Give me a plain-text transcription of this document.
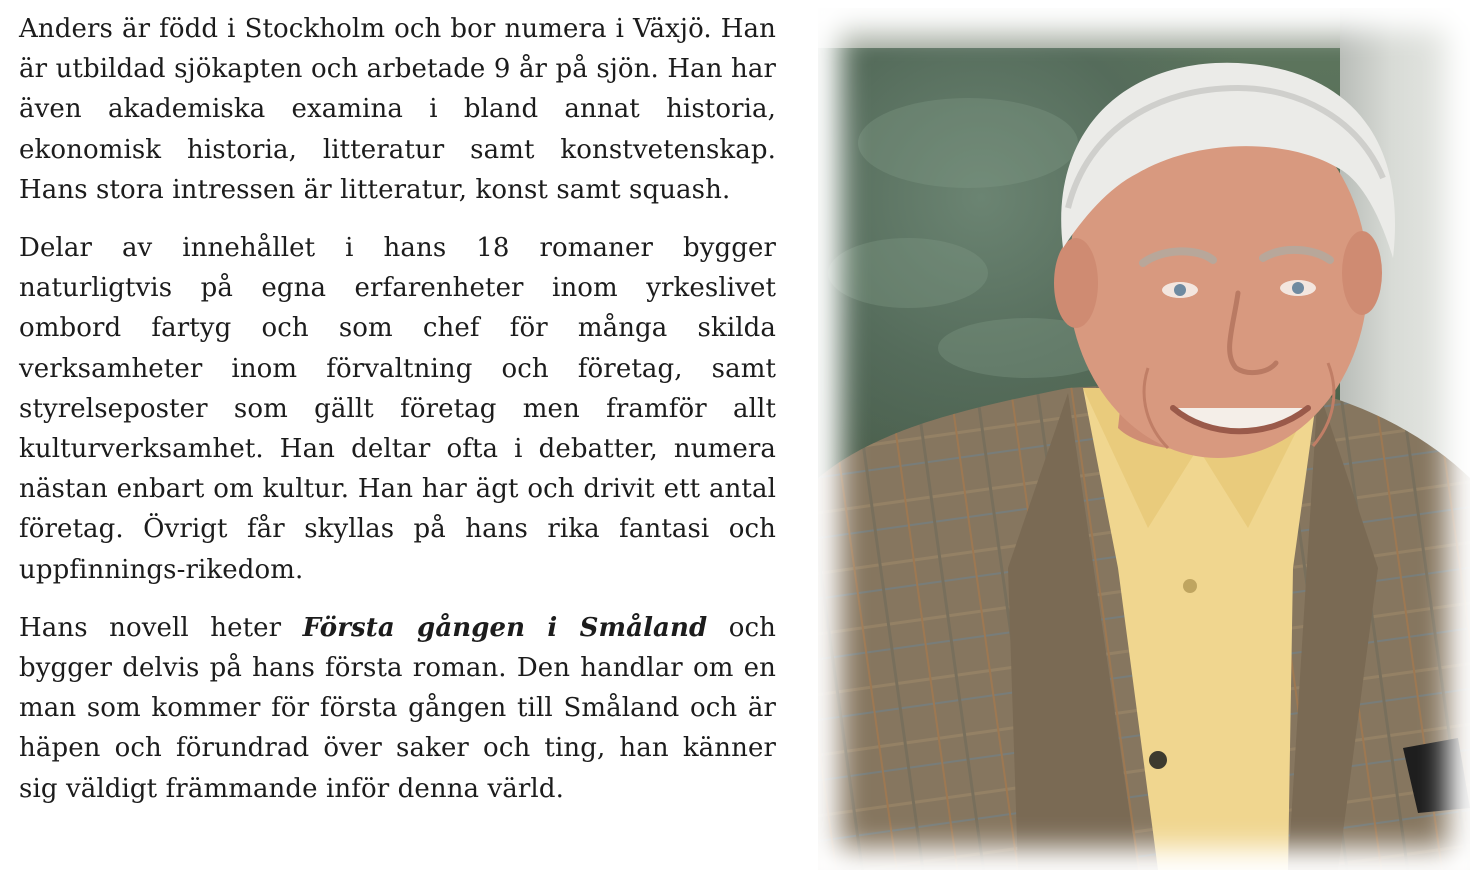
Anders är född i Stockholm och bor numera i Växjö. Han är utbildad sjökapten och arbetade 9 år på sjön. Han har även akademiska examina i bland annat historia, ekonomisk historia, litteratur samt konstvetenskap. Hans stora intressen är litteratur, konst samt squash.

Delar av innehållet i hans 18 romaner bygger naturligtvis på egna erfarenheter inom yrkeslivet ombord fartyg och som chef för många skilda verksamheter inom förvaltning och företag, samt styrelseposter som gällt företag men framför allt kulturverksamhet. Han deltar ofta i debatter, numera nästan enbart om kultur. Han har ägt och drivit ett antal företag. Övrigt får skyllas på hans rika fantasi och uppfinnings-rikedom.

Hans novell heter Första gången i Småland och bygger delvis på hans första roman. Den handlar om en man som kommer för första gången till Småland och är häpen och förundrad över saker och ting, han känner sig väldigt främmande inför denna värld.
